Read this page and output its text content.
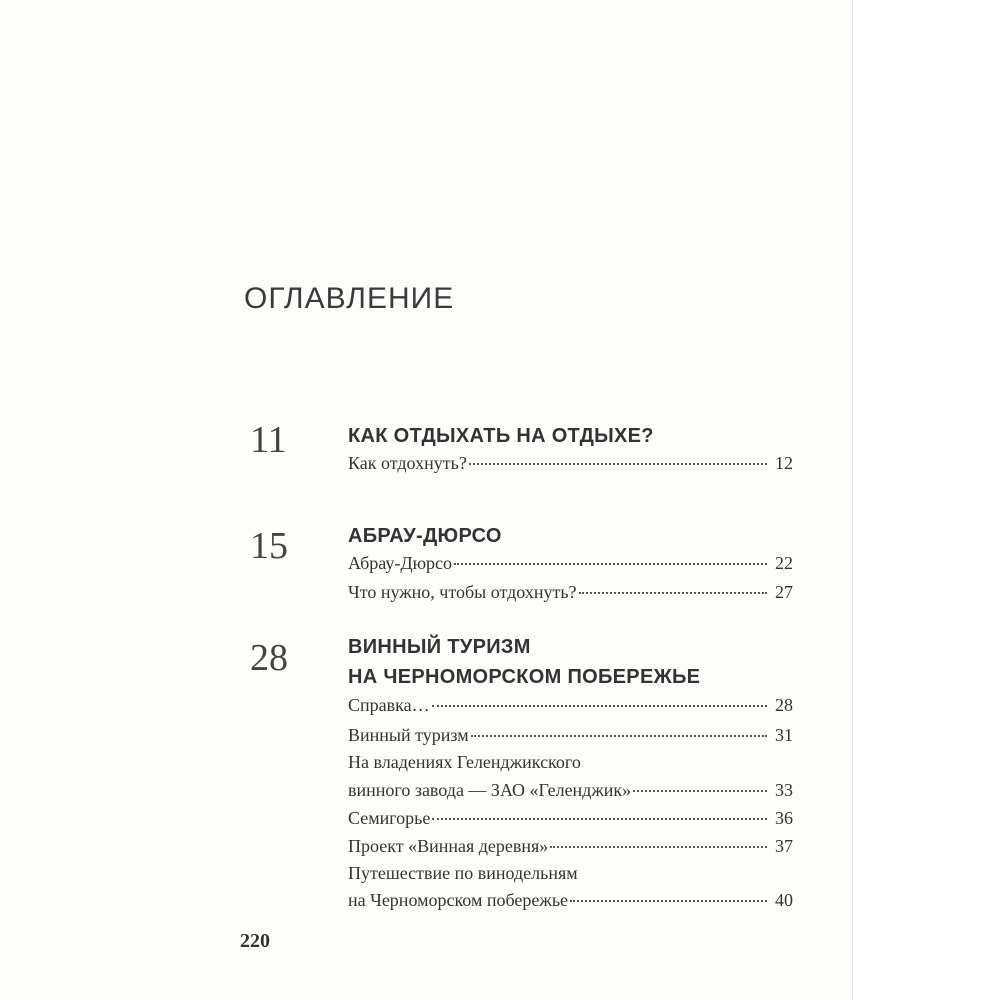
ОГЛАВЛЕНИЕ
11	КАК ОТДЫХАТЬ НА ОТДЫХЕ?
Как отдохнуть?	12
15	АБРАУ-ДЮРСО
Абрау-Дюрсо	22
Что нужно, чтобы отдохнуть?	27
28	ВИННЫЙ ТУРИЗМ
НА ЧЕРНОМОРСКОМ ПОБЕРЕЖЬЕ
Справка…	28
Винный туризм	31
На владениях Геленджикского
винного завода — ЗАО «Геленджик»	33
Семигорье	36
Проект «Винная деревня»	37
Путешествие по винодельням
на Черноморском побережье	40
220
